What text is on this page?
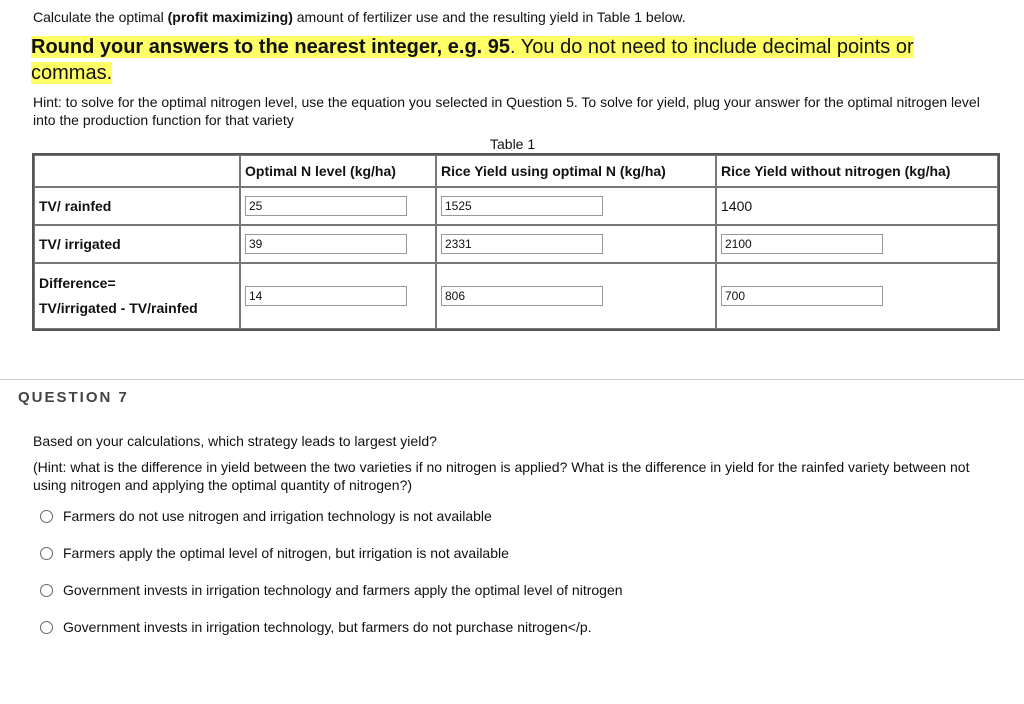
Calculate the optimal (profit maximizing) amount of fertilizer use and the resulting yield in Table 1 below.
Round your answers to the nearest integer, e.g. 95. You do not need to include decimal points or commas.
Hint: to solve for the optimal nitrogen level, use the equation you selected in Question 5. To solve for yield, plug your answer for the optimal nitrogen level into the production function for that variety
Table 1
	Optimal N level (kg/ha)	Rice Yield using optimal N (kg/ha)	Rice Yield without nitrogen (kg/ha)
TV/ rainfed	25	1525	1400
TV/ irrigated	39	2331	2100

Difference=
TV/irrigated - TV/rainfed
	14	806	700
QUESTION 7
Based on your calculations, which strategy leads to largest yield?
(Hint: what is the difference in yield between the two varieties if no nitrogen is applied? What is the difference in yield for the rainfed variety between not using nitrogen and applying the optimal quantity of nitrogen?)
Farmers do not use nitrogen and irrigation technology is not available
Farmers apply the optimal level of nitrogen, but irrigation is not available
Government invests in irrigation technology and farmers apply the optimal level of nitrogen
Government invests in irrigation technology, but farmers do not purchase nitrogen</p.
